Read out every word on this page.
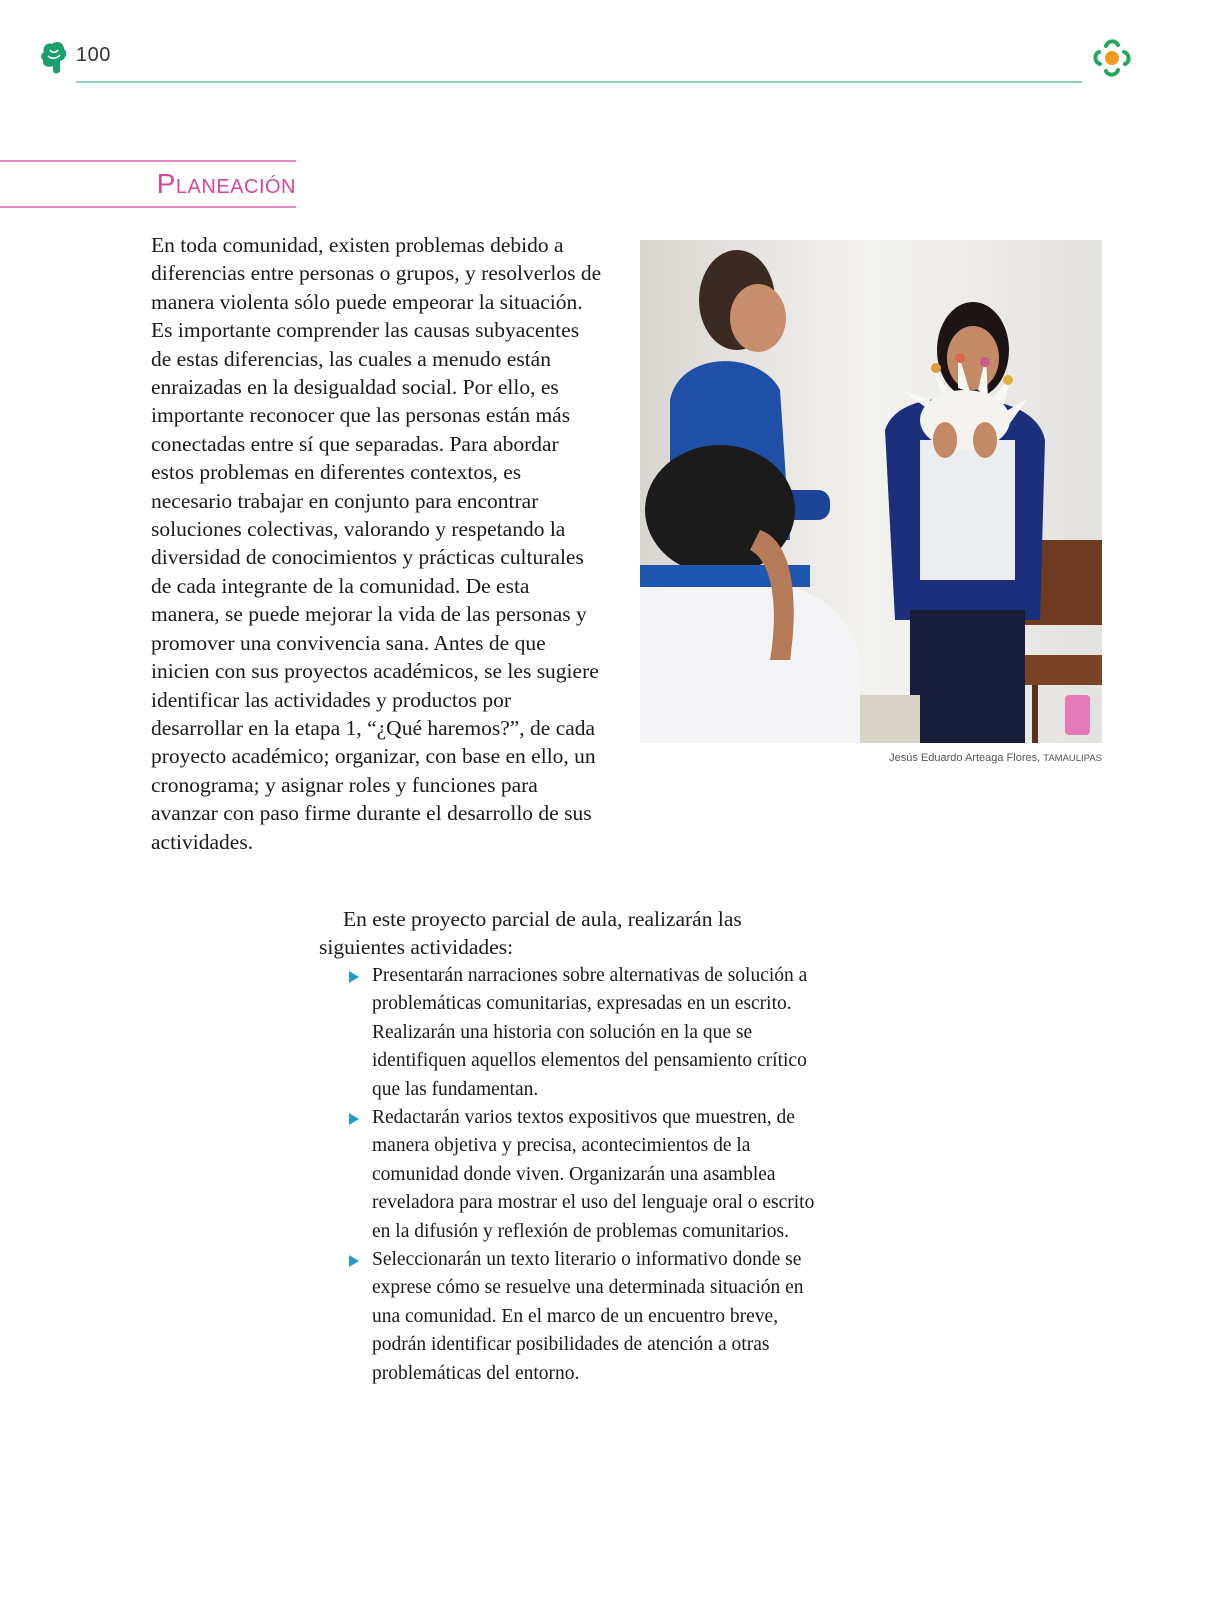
100
Planeación

En toda comunidad, existen problemas debido a diferencias entre personas o grupos, y resolverlos de manera violenta sólo puede empeorar la situación. Es importante comprender las causas subyacentes de estas diferencias, las cuales a menudo están enraizadas en la desigualdad social. Por ello, es importante reconocer que las personas están más conectadas entre sí que separadas. Para abordar estos problemas en diferentes contextos, es necesario trabajar en conjunto para encontrar soluciones colectivas, valorando y respetando la diversidad de conocimientos y prácticas culturales de cada integrante de la comunidad. De esta manera, se puede mejorar la vida de las personas y promover una convivencia sana. Antes de que inicien con sus proyectos académicos, se les sugiere identificar las actividades y productos por desarrollar en la etapa 1, “¿Qué haremos?”, de cada proyecto académico; organizar, con base en ello, un cronograma; y asignar roles y funciones para avanzar con paso firme durante el desarrollo de sus actividades.

Jesús Eduardo Arteaga Flores, TAMAULIPAS

En este proyecto parcial de aula, realizarán las siguientes actividades:

Presentarán narraciones sobre alternativas de solución a problemáticas comunitarias, expresadas en un escrito. Realizarán una historia con solución en la que se identifiquen aquellos elementos del pensamiento crítico que las fundamentan.
Redactarán varios textos expositivos que muestren, de manera objetiva y precisa, acontecimientos de la comunidad donde viven. Organizarán una asamblea reveladora para mostrar el uso del lenguaje oral o escrito en la difusión y reflexión de problemas comunitarios.
Seleccionarán un texto literario o informativo donde se exprese cómo se resuelve una determinada situación en una comunidad. En el marco de un encuentro breve, podrán identificar posibilidades de atención a otras problemáticas del entorno.
